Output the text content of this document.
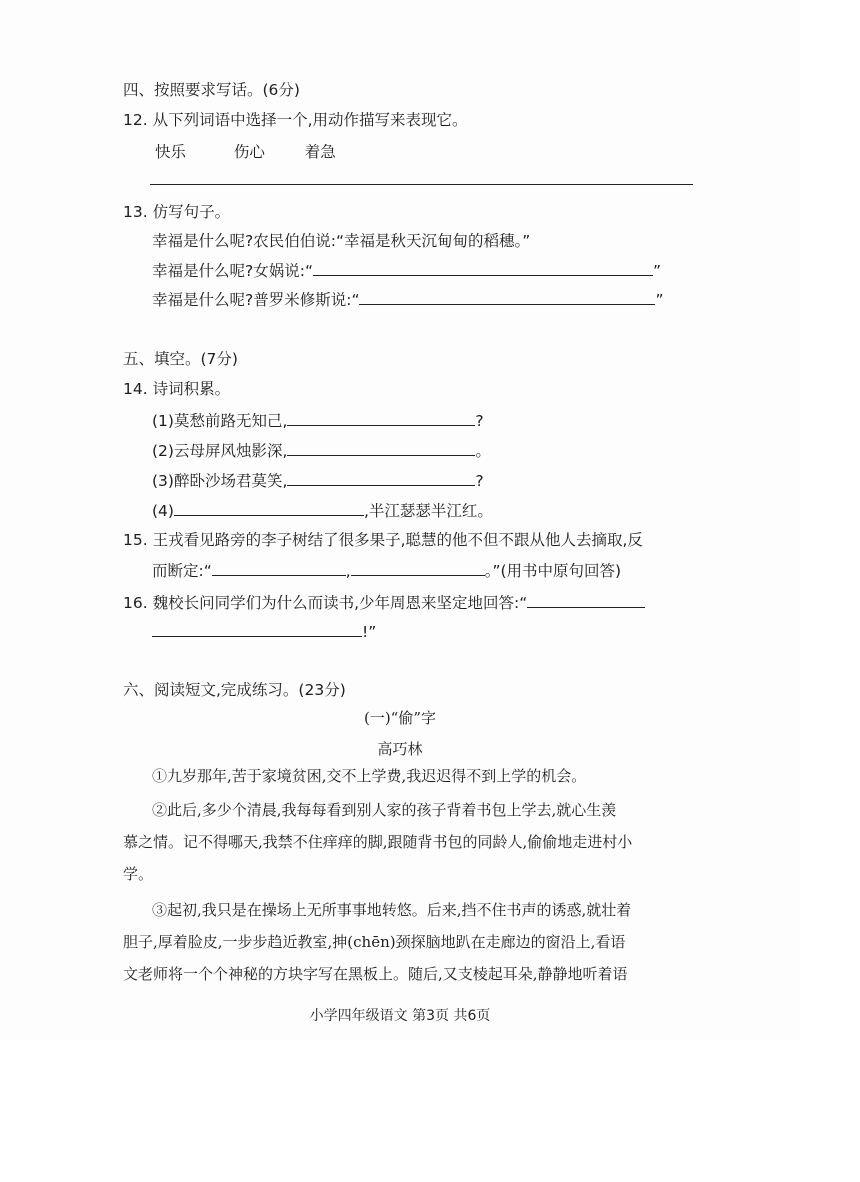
四、按照要求写话。(6分)
12. 从下列词语中选择一个,用动作描写来表现它。
快乐	伤心	着急
13. 仿写句子。
幸福是什么呢?农民伯伯说:“幸福是秋天沉甸甸的稻穗。”
幸福是什么呢?女娲说:“	”
幸福是什么呢?普罗米修斯说:“	”
五、填空。(7分)
14. 诗词积累。
(1)莫愁前路无知己,	?
(2)云母屏风烛影深,	。
(3)醉卧沙场君莫笑,	?
(4)	,半江瑟瑟半江红。
15. 王戎看见路旁的李子树结了很多果子,聪慧的他不但不跟从他人去摘取,反
而断定:“	,	。”(用书中原句回答)
16. 魏校长问同学们为什么而读书,少年周恩来坚定地回答:“
!”
六、阅读短文,完成练习。(23分)
(一)“偷”字
高巧林
①九岁那年,苦于家境贫困,交不上学费,我迟迟得不到上学的机会。
②此后,多少个清晨,我每每看到别人家的孩子背着书包上学去,就心生羡
慕之情。记不得哪天,我禁不住痒痒的脚,跟随背书包的同龄人,偷偷地走进村小
学。
③起初,我只是在操场上无所事事地转悠。后来,挡不住书声的诱惑,就壮着
胆子,厚着脸皮,一步步趋近教室,抻(chēn)颈探脑地趴在走廊边的窗沿上,看语
文老师将一个个神秘的方块字写在黑板上。随后,又支棱起耳朵,静静地听着语
小学四年级语文 第3页 共6页
